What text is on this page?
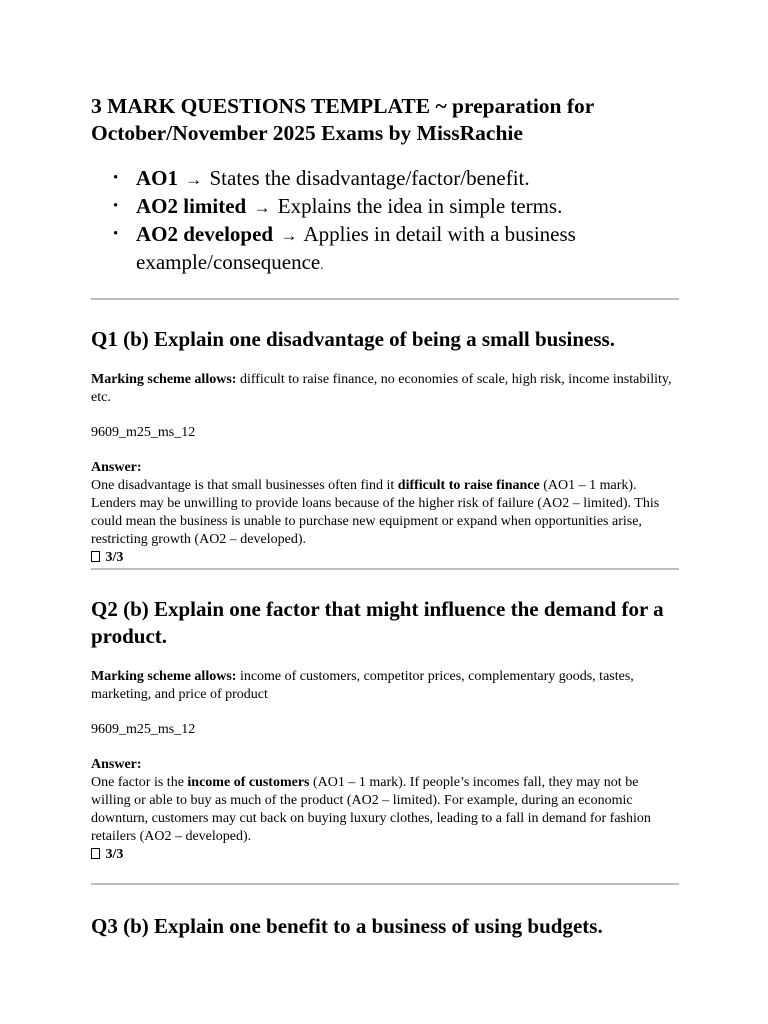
3 MARK QUESTIONS TEMPLATE ~ preparation for October/November 2025 Exams by MissRachie
• AO1 → States the disadvantage/factor/benefit.
• AO2 limited → Explains the idea in simple terms.
• AO2 developed → Applies in detail with a business example/consequence.
Q1 (b) Explain one disadvantage of being a small business.

Marking scheme allows: difficult to raise finance, no economies of scale, high risk, income instability, etc.

9609_m25_ms_12

Answer:

One disadvantage is that small businesses often find it difficult to raise finance (AO1 – 1 mark). Lenders may be unwilling to provide loans because of the higher risk of failure (AO2 – limited). This could mean the business is unable to purchase new equipment or expand when opportunities arise, restricting growth (AO2 – developed).

3/3
Q2 (b) Explain one factor that might influence the demand for a product.

Marking scheme allows: income of customers, competitor prices, complementary goods, tastes, marketing, and price of product

9609_m25_ms_12

Answer:

One factor is the income of customers (AO1 – 1 mark). If people’s incomes fall, they may not be willing or able to buy as much of the product (AO2 – limited). For example, during an economic downturn, customers may cut back on buying luxury clothes, leading to a fall in demand for fashion retailers (AO2 – developed).

3/3
Q3 (b) Explain one benefit to a business of using budgets.
